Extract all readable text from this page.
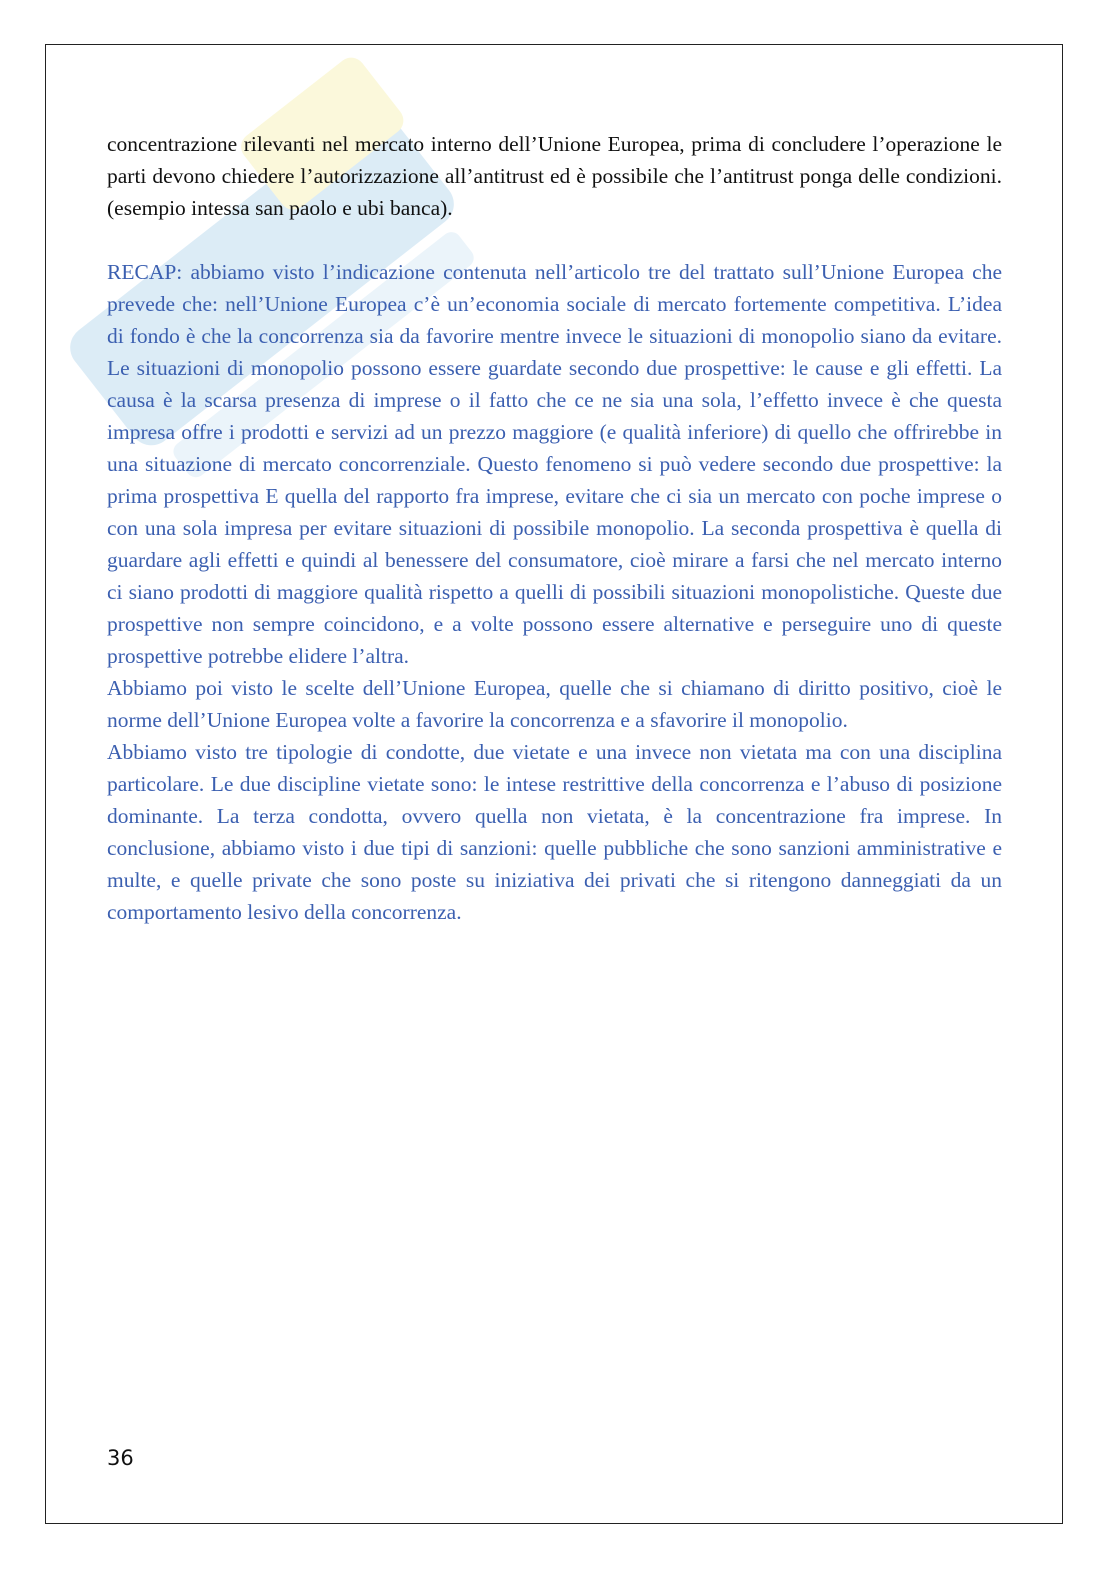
concentrazione rilevanti nel mercato interno dell’Unione Europea, prima di concludere l’operazione le parti devono chiedere l’autorizzazione all’antitrust ed è possibile che l’antitrust ponga delle condizioni. (esempio intessa san paolo e ubi banca).

RECAP: abbiamo visto l’indicazione contenuta nell’articolo tre del trattato sull’Unione Europea che prevede che: nell’Unione Europea c’è un’economia sociale di mercato fortemente competitiva. L’idea di fondo è che la concorrenza sia da favorire mentre invece le situazioni di monopolio siano da evitare. Le situazioni di monopolio possono essere guardate secondo due prospettive: le cause e gli effetti. La causa è la scarsa presenza di imprese o il fatto che ce ne sia una sola, l’effetto invece è che questa impresa offre i prodotti e servizi ad un prezzo maggiore (e qualità inferiore) di quello che offrirebbe in una situazione di mercato concorrenziale. Questo fenomeno si può vedere secondo due prospettive: la prima prospettiva E quella del rapporto fra imprese, evitare che ci sia un mercato con poche imprese o con una sola impresa per evitare situazioni di possibile monopolio. La seconda prospettiva è quella di guardare agli effetti e quindi al benessere del consumatore, cioè mirare a farsi che nel mercato interno ci siano prodotti di maggiore qualità rispetto a quelli di possibili situazioni monopolistiche. Queste due prospettive non sempre coincidono, e a volte possono essere alternative e perseguire uno di queste prospettive potrebbe elidere l’altra.

Abbiamo poi visto le scelte dell’Unione Europea, quelle che si chiamano di diritto positivo, cioè le norme dell’Unione Europea volte a favorire la concorrenza e a sfavorire il monopolio.

Abbiamo visto tre tipologie di condotte, due vietate e una invece non vietata ma con una disciplina particolare. Le due discipline vietate sono: le intese restrittive della concorrenza e l’abuso di posizione dominante. La terza condotta, ovvero quella non vietata, è la concentrazione fra imprese. In conclusione, abbiamo visto i due tipi di sanzioni: quelle pubbliche che sono sanzioni amministrative e multe, e quelle private che sono poste su iniziativa dei privati che si ritengono danneggiati da un comportamento lesivo della concorrenza.

36
